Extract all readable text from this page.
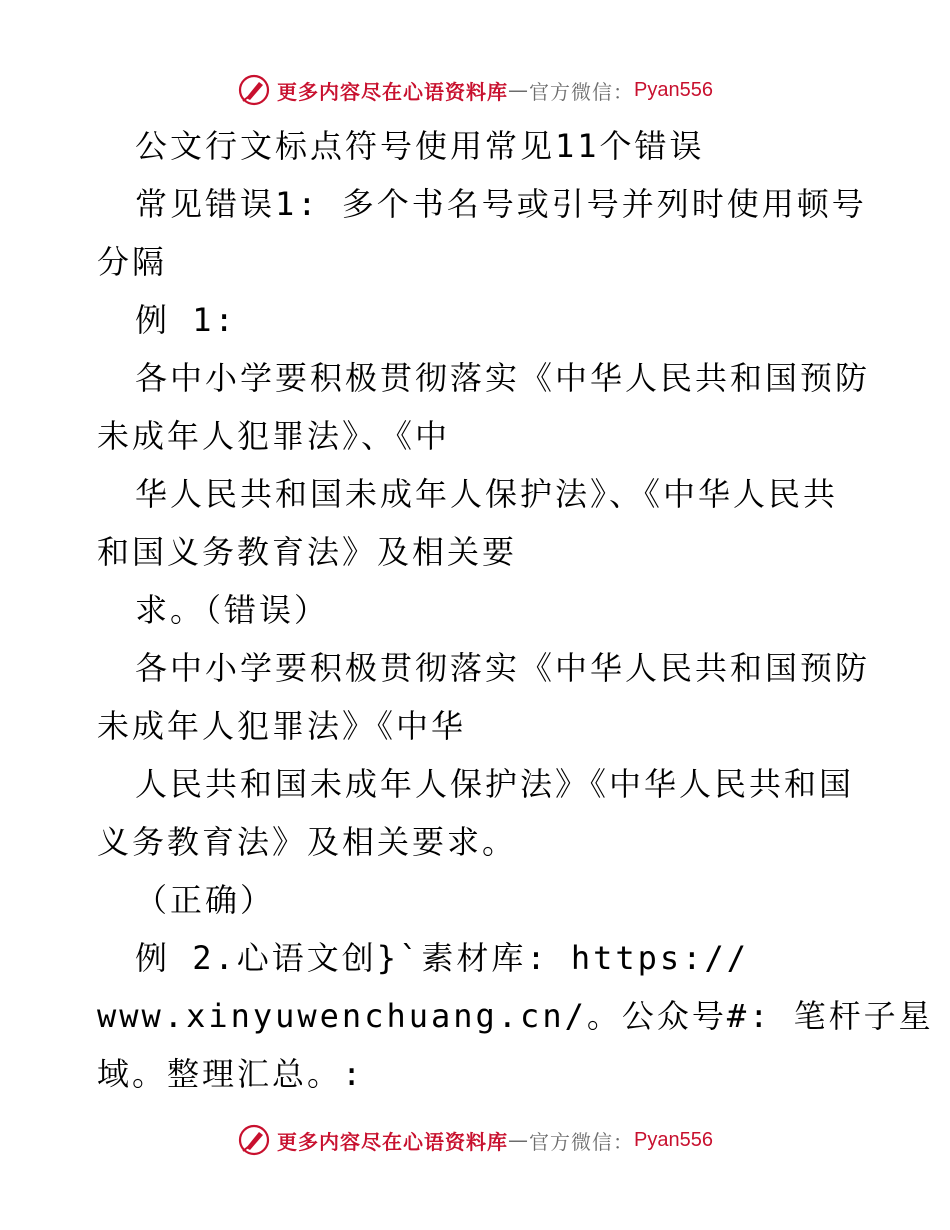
更多内容尽在心语资料库 — 官方微信： Pyan556
公文行文标点符号使用常见11个错误
常见错误1: 多个书名号或引号并列时使用顿号
分隔
例 1:
各中小学要积极贯彻落实《中华人民共和国预防
未成年人犯罪法》、《中
华人民共和国未成年人保护法》、《中华人民共
和国义务教育法》及相关要
求。（错误）
各中小学要积极贯彻落实《中华人民共和国预防
未成年人犯罪法》《中华
人民共和国未成年人保护法》《中华人民共和国
义务教育法》及相关要求。
（正确）
例 2.心语文创}`素材库: https://
www.xinyuwenchuang.cn/。公众号#: 笔杆子星
域。整理汇总。:
更多内容尽在心语资料库 — 官方微信： Pyan556
